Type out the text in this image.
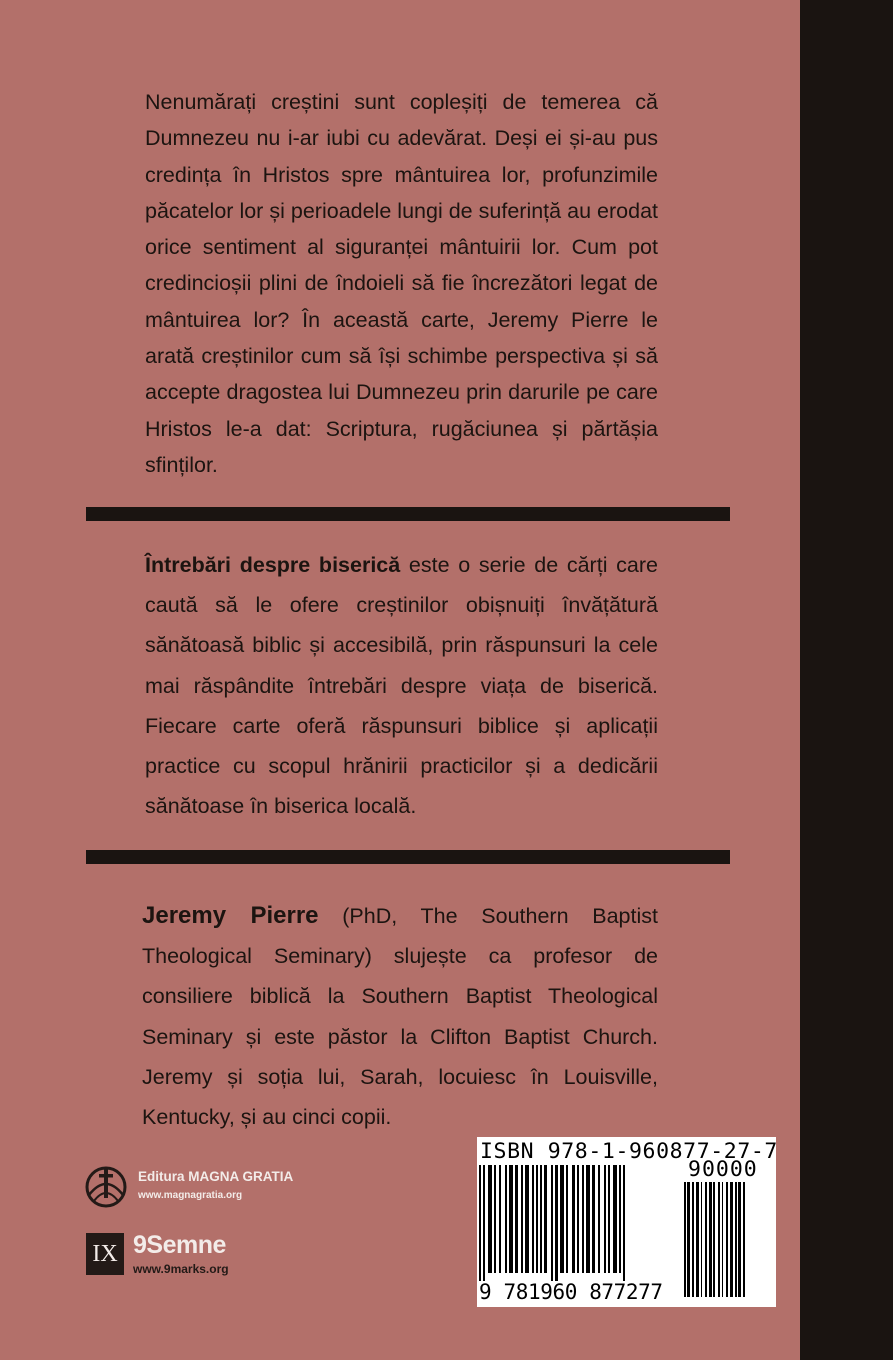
Nenumărați creștini sunt copleșiți de temerea că Dumnezeu nu i-ar iubi cu adevărat. Deși ei și-au pus credința în Hristos spre mântuirea lor, profunzimile păcatelor lor și perioadele lungi de suferință au erodat orice sentiment al siguranței mântuirii lor. Cum pot credincioșii plini de îndoieli să fie încrezători legat de mântuirea lor? În această carte, Jeremy Pierre le arată creștinilor cum să își schimbe perspectiva și să accepte dragostea lui Dumnezeu prin darurile pe care Hristos le-a dat: Scriptura, rugăciunea și părtășia sfinților.

Întrebări despre biserică este o serie de cărți care caută să le ofere creștinilor obișnuiți învățătură sănătoasă biblic și accesibilă, prin răspunsuri la cele mai răspândite întrebări despre viața de biserică. Fiecare carte oferă răspunsuri biblice și aplicații practice cu scopul hrănirii practicilor și a dedicării sănătoase în biserica locală.

Jeremy Pierre (PhD, The Southern Baptist Theological Seminary) slujește ca profesor de consiliere biblică la Southern Baptist Theological Seminary și este păstor la Clifton Baptist Church. Jeremy și soția lui, Sarah, locuiesc în Louisville, Kentucky, și au cinci copii.

Editura MAGNA GRATIA
www.magnagratia.org
IX 9Semne
www.9marks.org
ISBN 978-1-960877-27-7
90000
9 781960 877277
